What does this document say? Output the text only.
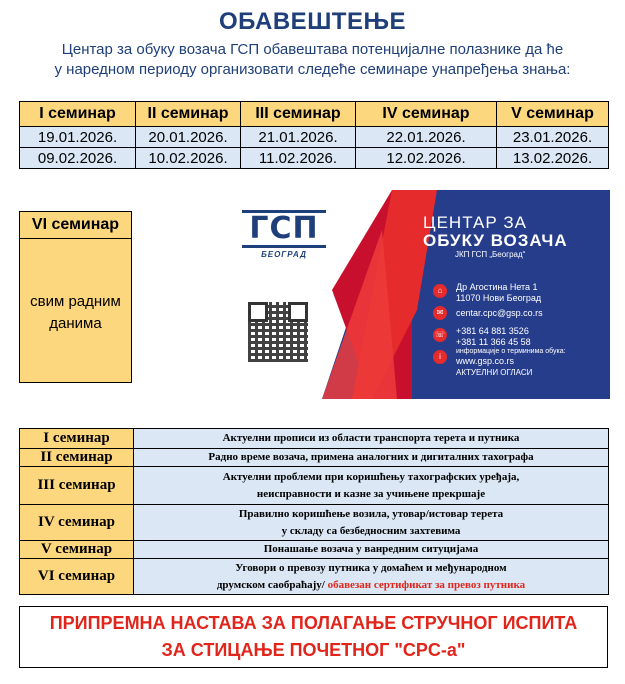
ОБАВЕШТЕЊЕ
Центар за обуку возача ГСП обавештава потенцијалне полазнике да ће
у наредном периоду организовати следеће семинаре унапређења знања:
I семинар	II семинар	III семинар	IV семинар	V семинар
19.01.2026.	20.01.2026.	21.01.2026.	22.01.2026.	23.01.2026.
09.02.2026.	10.02.2026.	11.02.2026.	12.02.2026.	13.02.2026.
VI семинар
свим радним
данима
ГСП
БЕОГРАД
ЦЕНТАР ЗА
ОБУКУ ВОЗАЧА
ЈКП ГСП „Београд“
⌂	Др Агостина Нета 1
11070 Нови Београд
✉	centar.cpc@gsp.co.rs
☏ +381 64 881 3526
+381 11 366 45 58
i
информације о терминима обука:
www.gsp.co.rs
АКТУЕЛНИ ОГЛАСИ
I семинар	Актуелни прописи из области транспорта терета и путника
II семинар	Радно време возача, примена аналогних и дигиталних тахографа
III семинар	Актуелни проблеми при коришћењу тахографских уређаја,
неисправности и казне за учињене прекршаје

IV семинар	Правилно коришћење возила, утовар/истовар терета
у складу са безбедносним захтевима

V семинар	Понашање возача у ванредним ситуцијама
VI семинар	Уговори о превозу путника у домаћем и међународном
друмском саобраћају/ обавезан сертификат за превоз путника
ПРИПРЕМНА НАСТАВА ЗА ПОЛАГАЊЕ СТРУЧНОГ ИСПИТА
ЗА СТИЦАЊЕ ПОЧЕТНОГ "CPC-а"
